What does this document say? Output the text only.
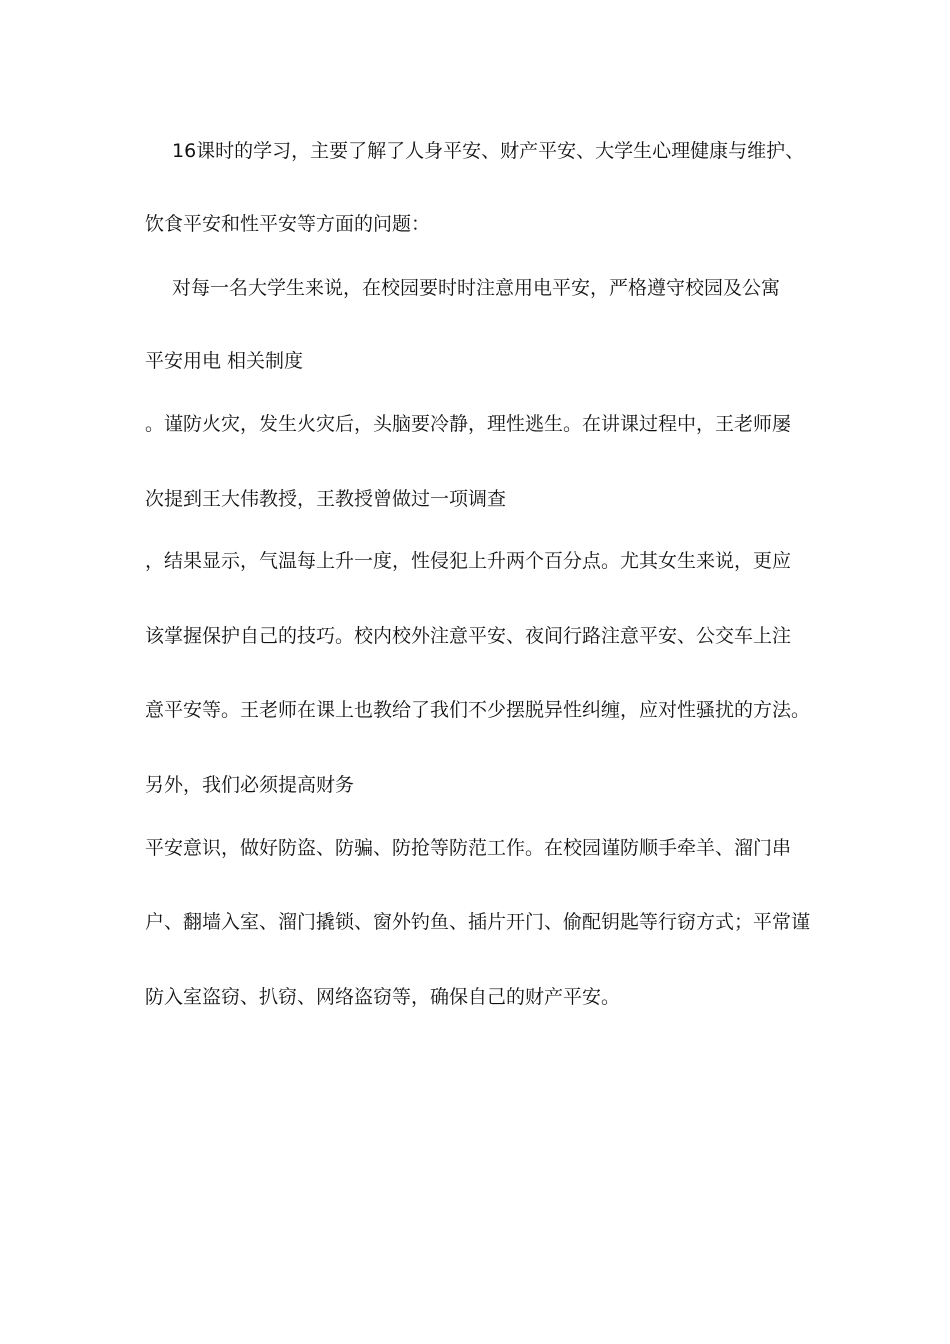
16课时的学习，主要了解了人身平安、财产平安、大学生心理健康与维护、
饮食平安和性平安等方面的问题：
对每一名大学生来说，在校园要时时注意用电平安，严格遵守校园及公寓
平安用电 相关制度
。谨防火灾，发生火灾后，头脑要冷静，理性逃生。在讲课过程中，王老师屡
次提到王大伟教授，王教授曾做过一项调查
，结果显示，气温每上升一度，性侵犯上升两个百分点。尤其女生来说，更应
该掌握保护自己的技巧。校内校外注意平安、夜间行路注意平安、公交车上注
意平安等。王老师在课上也教给了我们不少摆脱异性纠缠，应对性骚扰的方法。
另外，我们必须提高财务
平安意识，做好防盗、防骗、防抢等防范工作。在校园谨防顺手牵羊、溜门串
户、翻墙入室、溜门撬锁、窗外钓鱼、插片开门、偷配钥匙等行窃方式；平常谨
防入室盗窃、扒窃、网络盗窃等，确保自己的财产平安。
